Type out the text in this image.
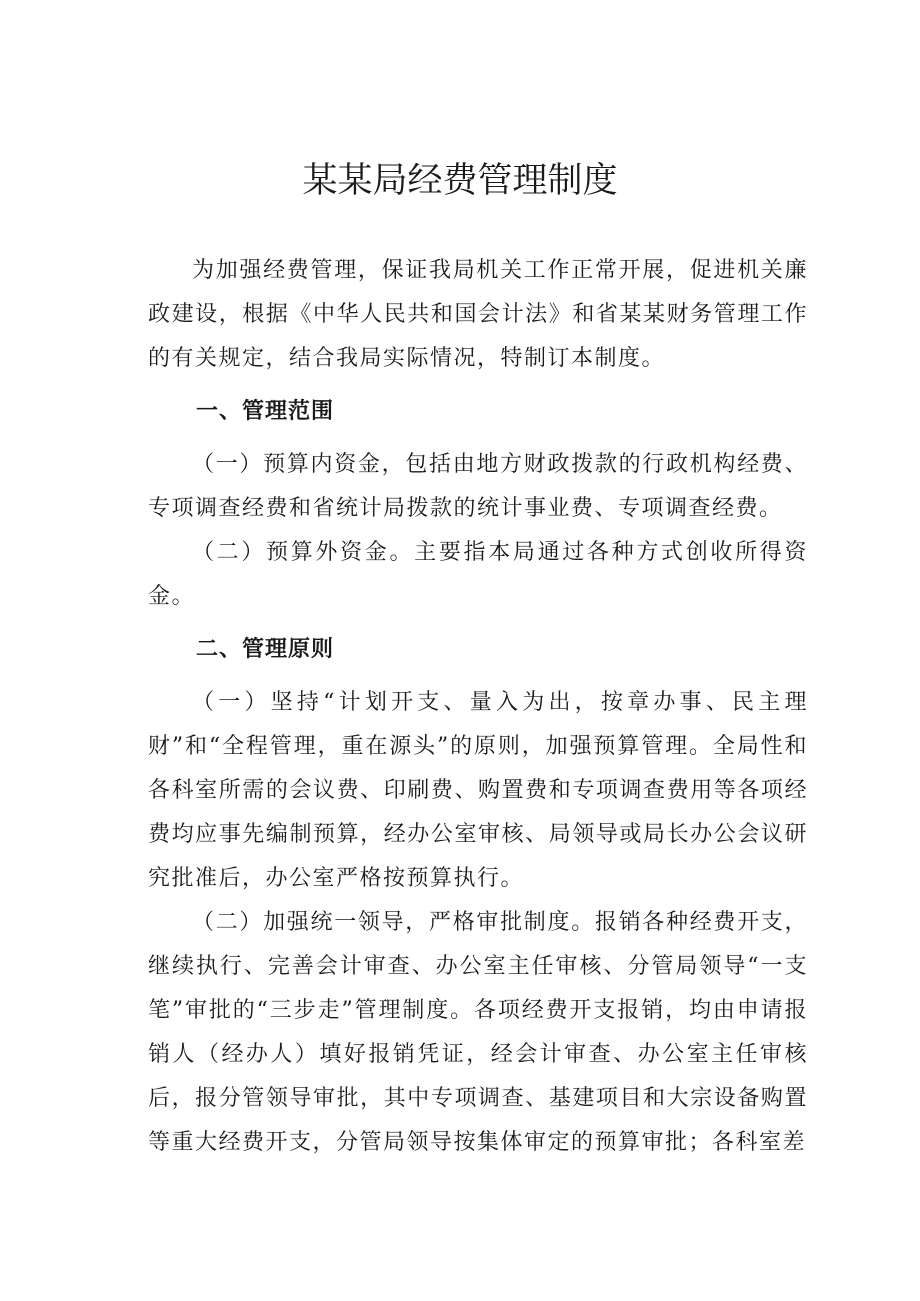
某某局经费管理制度

为加强经费管理，保证我局机关工作正常开展，促进机关廉政建设，根据《中华人民共和国会计法》和省某某财务管理工作的有关规定，结合我局实际情况，特制订本制度。

一、管理范围

（一）预算内资金，包括由地方财政拨款的行政机构经费、专项调查经费和省统计局拨款的统计事业费、专项调查经费。

（二）预算外资金。主要指本局通过各种方式创收所得资金。

二、管理原则

（一）坚持“计划开支、量入为出，按章办事、民主理财”和“全程管理，重在源头”的原则，加强预算管理。全局性和各科室所需的会议费、印刷费、购置费和专项调查费用等各项经费均应事先编制预算，经办公室审核、局领导或局长办公会议研究批准后，办公室严格按预算执行。

（二）加强统一领导，严格审批制度。报销各种经费开支，继续执行、完善会计审查、办公室主任审核、分管局领导“一支笔”审批的“三步走”管理制度。各项经费开支报销，均由申请报销人（经办人）填好报销凭证，经会计审查、办公室主任审核后，报分管领导审批，其中专项调查、基建项目和大宗设备购置等重大经费开支，分管局领导按集体审定的预算审批；各科室差
